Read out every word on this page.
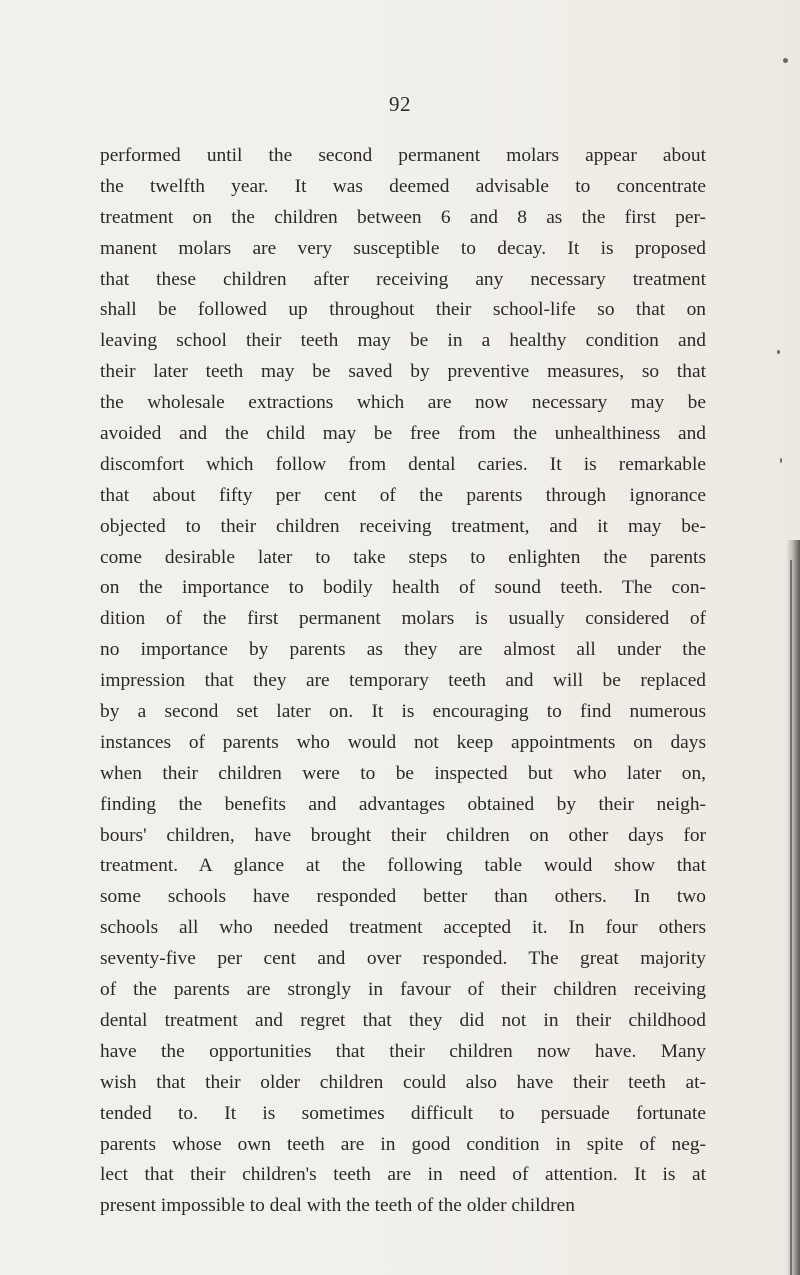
92
performed until the second permanent molars appear about
the twelfth year. It was deemed advisable to concentrate
treatment on the children between 6 and 8 as the first per-
manent molars are very susceptible to decay. It is proposed
that these children after receiving any necessary treatment
shall be followed up throughout their school-life so that on
leaving school their teeth may be in a healthy condition and
their later teeth may be saved by preventive measures, so that
the wholesale extractions which are now necessary may be
avoided and the child may be free from the unhealthiness and
discomfort which follow from dental caries. It is remarkable
that about fifty per cent of the parents through ignorance
objected to their children receiving treatment, and it may be-
come desirable later to take steps to enlighten the parents
on the importance to bodily health of sound teeth. The con-
dition of the first permanent molars is usually considered of
no importance by parents as they are almost all under the
impression that they are temporary teeth and will be replaced
by a second set later on. It is encouraging to find numerous
instances of parents who would not keep appointments on days
when their children were to be inspected but who later on,
finding the benefits and advantages obtained by their neigh-
bours' children, have brought their children on other days for
treatment. A glance at the following table would show that
some schools have responded better than others. In two
schools all who needed treatment accepted it. In four others
seventy-five per cent and over responded. The great majority
of the parents are strongly in favour of their children receiving
dental treatment and regret that they did not in their childhood
have the opportunities that their children now have. Many
wish that their older children could also have their teeth at-
tended to. It is sometimes difficult to persuade fortunate
parents whose own teeth are in good condition in spite of neg-
lect that their children's teeth are in need of attention. It is at
present impossible to deal with the teeth of the older children
